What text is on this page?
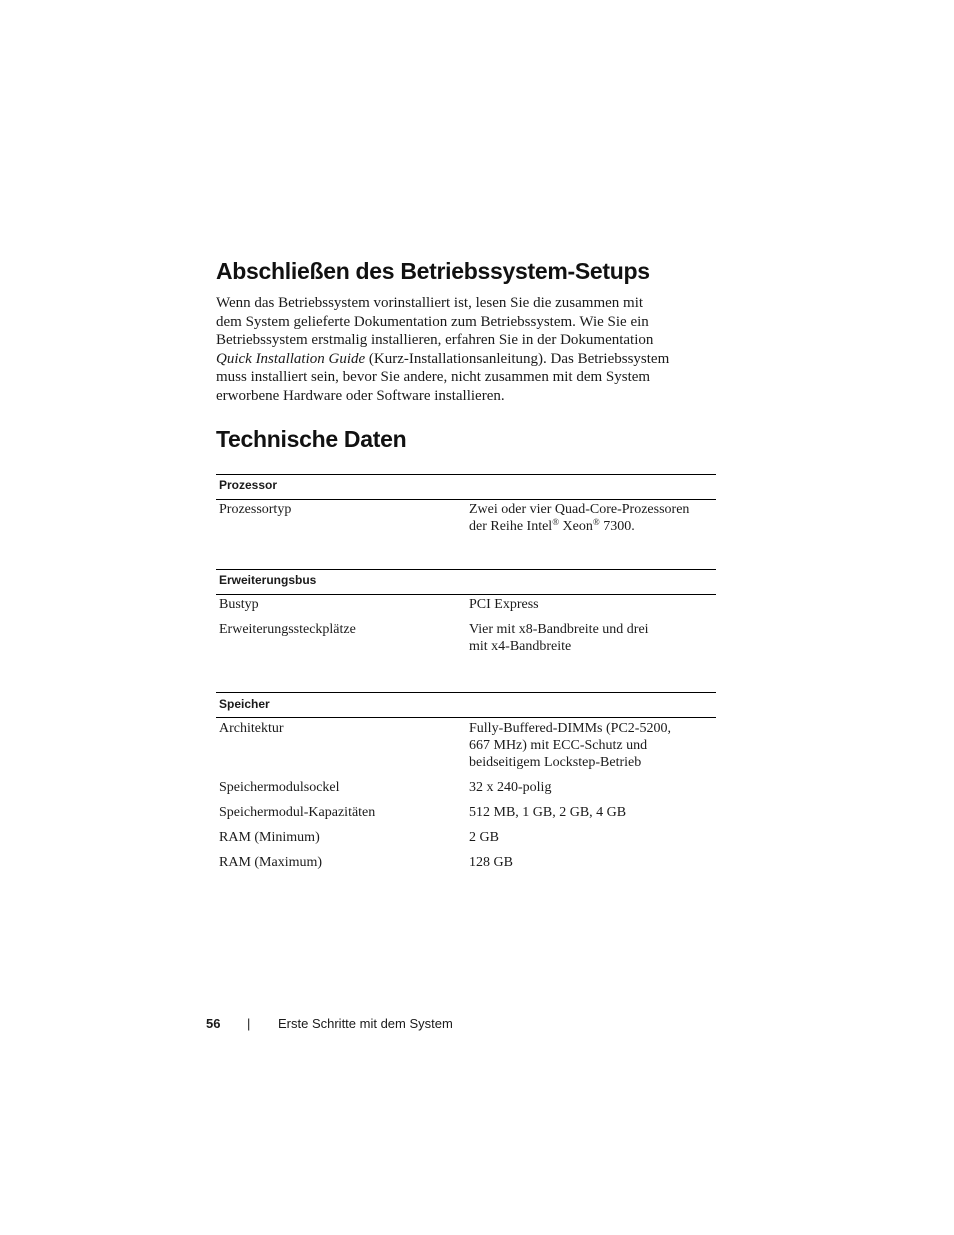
Abschließen des Betriebssystem-Setups
Wenn das Betriebssystem vorinstalliert ist, lesen Sie die zusammen mit
dem System gelieferte Dokumentation zum Betriebssystem. Wie Sie ein
Betriebssystem erstmalig installieren, erfahren Sie in der Dokumentation
Quick Installation Guide (Kurz-Installationsanleitung). Das Betriebssystem
muss installiert sein, bevor Sie andere, nicht zusammen mit dem System
erworbene Hardware oder Software installieren.
Technische Daten
Prozessor
Prozessortyp	Zwei oder vier Quad-Core-Prozessoren
der Reihe Intel® Xeon® 7300.
Erweiterungsbus
Bustyp	PCI Express
Erweiterungssteckplätze	Vier mit x8-Bandbreite und drei
mit x4-Bandbreite
Speicher
Architektur	Fully-Buffered-DIMMs (PC2-5200,
667 MHz) mit ECC-Schutz und
beidseitigem Lockstep-Betrieb
Speichermodulsockel	32 x 240-polig
Speichermodul-Kapazitäten	512 MB, 1 GB, 2 GB, 4 GB
RAM (Minimum)	2 GB
RAM (Maximum)	128 GB
56 | Erste Schritte mit dem System
